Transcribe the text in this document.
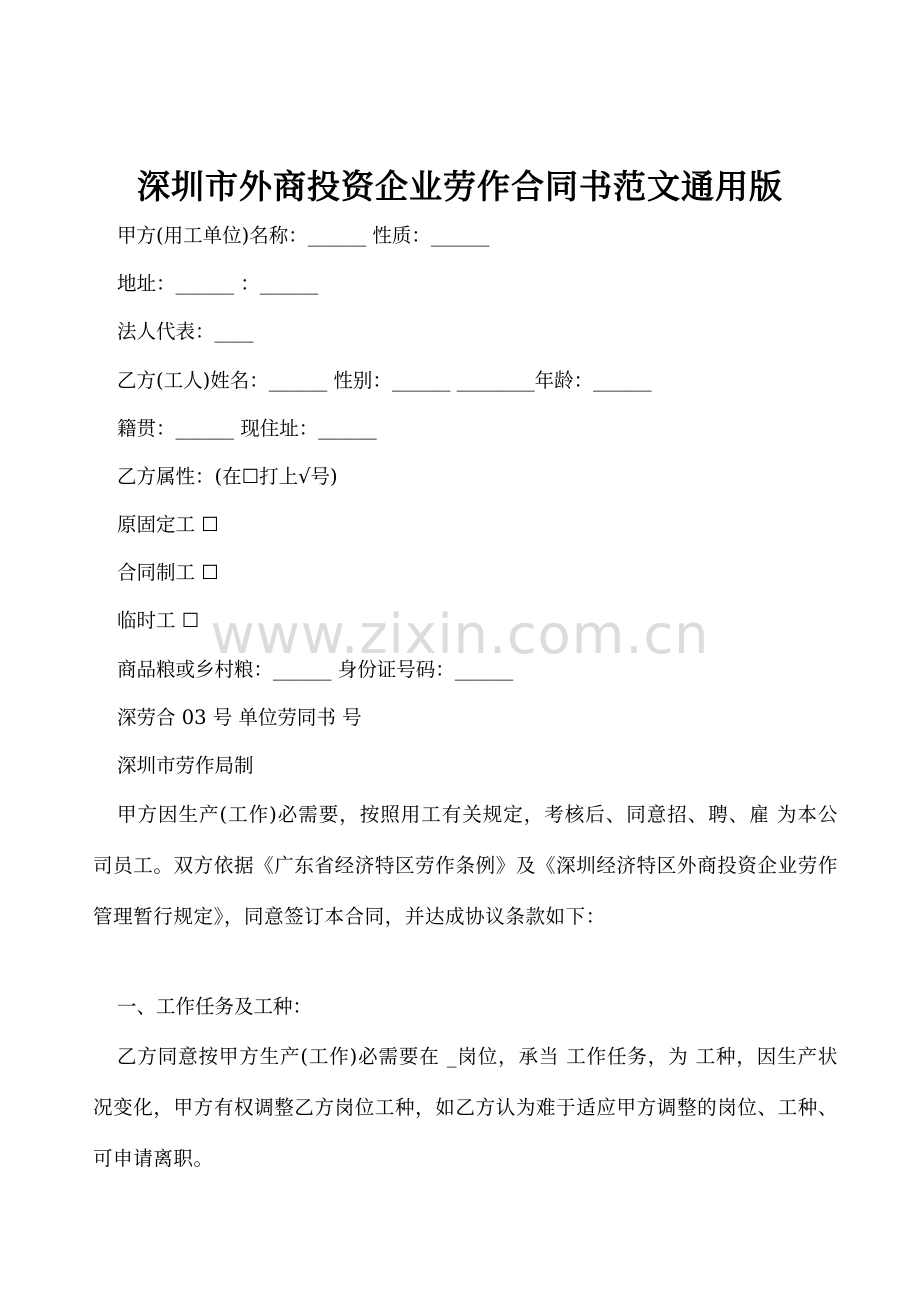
深圳市外商投资企业劳作合同书范文通用版
甲方(用工单位)名称：______ 性质：______
地址：______ ：______
法人代表：____
乙方(工人)姓名：______ 性别：______ ________年龄：______
籍贯：______ 现住址：______
乙方属性：(在☐打上√号)
原固定工 ☐
合同制工 ☐
临时工 ☐
商品粮或乡村粮：______ 身份证号码：______
深劳合 03 号 单位劳同书 号
深圳市劳作局制
甲方因生产(工作)必需要，按照用工有关规定，考核后、同意招、聘、雇 为本公司员工。双方依据《广东省经济特区劳作条例》及《深圳经济特区外商投资企业劳作管理暂行规定》，同意签订本合同，并达成协议条款如下：
一、工作任务及工种：
乙方同意按甲方生产(工作)必需要在 _岗位，承当 工作任务，为 工种，因生产状况变化，甲方有权调整乙方岗位工种，如乙方认为难于适应甲方调整的岗位、工种、可申请离职。
www.zixin.com.cn
